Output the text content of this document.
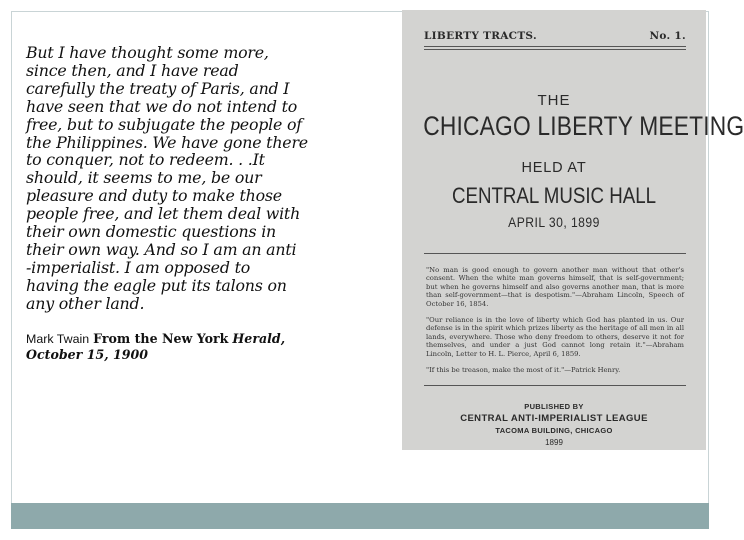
But I have thought some more,
since then, and I have read
carefully the treaty of Paris, and I
have seen that we do not intend to
free, but to subjugate the people of
the Philippines. We have gone there
to conquer, not to redeem. . .It
should, it seems to me, be our
pleasure and duty to make those
people free, and let them deal with
their own domestic questions in
their own way. And so I am an anti
-imperialist. I am opposed to
having the eagle put its talons on
any other land.

Mark Twain From the New York Herald,
October 15, 1900
LIBERTY TRACTS.	No. 1.
THE
CHICAGO LIBERTY MEETING
HELD AT
CENTRAL MUSIC HALL
APRIL 30, 1899
"No man is good enough to govern another man without that other's consent. When the white man governs himself, that is self-government; but when he governs himself and also governs another man, that is more than self-government—that is despotism."—Abraham Lincoln, Speech of October 16, 1854.
"Our reliance is in the love of liberty which God has planted in us. Our defense is in the spirit which prizes liberty as the heritage of all men in all lands, everywhere. Those who deny freedom to others, deserve it not for themselves, and under a just God cannot long retain it."—Abraham Lincoln, Letter to H. L. Pierce, April 6, 1859.
"If this be treason, make the most of it."—Patrick Henry.
PUBLISHED BY
CENTRAL ANTI-IMPERIALIST LEAGUE
TACOMA BUILDING, CHICAGO
1899
